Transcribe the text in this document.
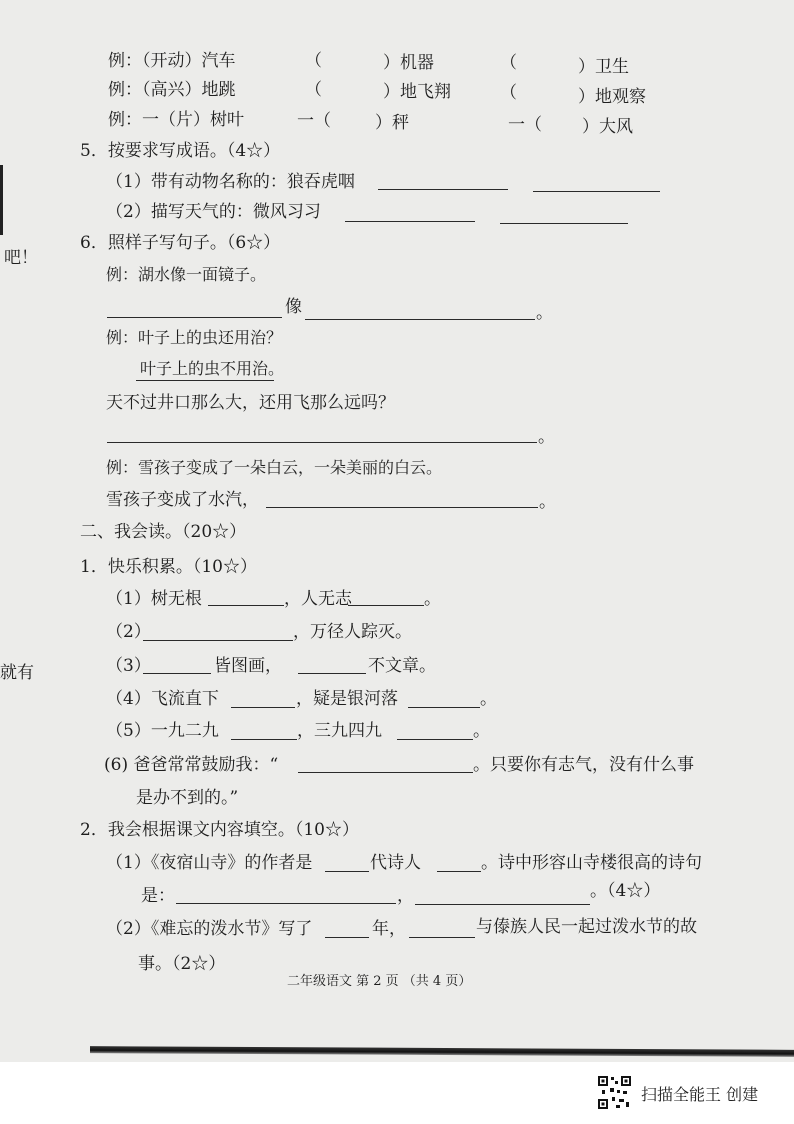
吧！
就有
例：（开动）汽车	（	）机器	（	）卫生
例：（高兴）地跳	（	）地飞翔	（	）地观察
例：一（片）树叶	一（	）秤	一（ ）大风
5．按要求写成语。（4☆）
（1）带有动物名称的：狼吞虎咽
（2）描写天气的：微风习习
6．照样子写句子。（6☆）
例：湖水像一面镜子。
像	。
例：叶子上的虫还用治？
叶子上的虫不用治。
天不过井口那么大，还用飞那么远吗？
。
例：雪孩子变成了一朵白云，一朵美丽的白云。
雪孩子变成了水汽，	。
二、我会读。（20☆）
1．快乐积累。（10☆）
（1）树无根	，人无志	。
（2）	，万径人踪灭。
（3）	皆图画，	不文章。
（4）飞流直下	，疑是银河落	。
（5）一九二九	，三九四九	。
(6) 爸爸常常鼓励我：“	。只要你有志气，没有什么事
是办不到的。”
2．我会根据课文内容填空。（10☆）
（1）《夜宿山寺》的作者是	代诗人	。诗中形容山寺楼很高的诗句
是：	，	。（4☆）
（2）《难忘的泼水节》写了	年，	与傣族人民一起过泼水节的故
事。（2☆）
二年级语文 第 2 页 （共 4 页）
扫描全能王 创建
